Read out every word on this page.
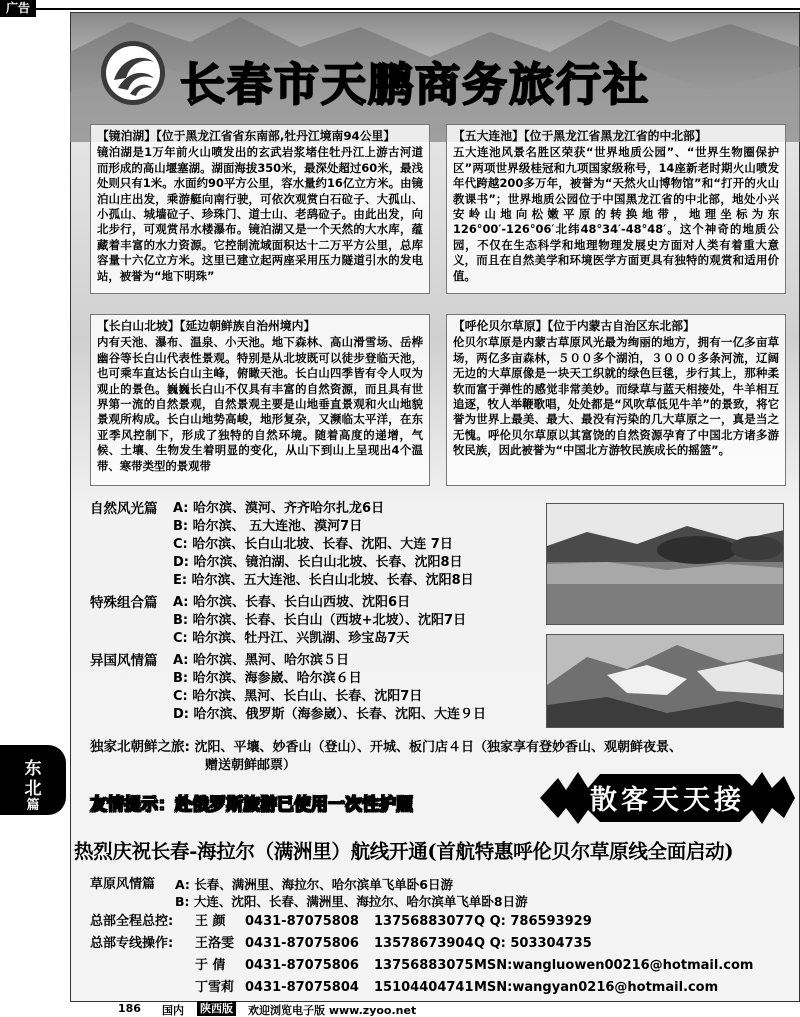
广告
长春市天鹏商务旅行社
【镜泊湖】【位于黑龙江省省东南部,牡丹江境南94公里】
镜泊湖是1万年前火山喷发出的玄武岩浆堵住牡丹江上游古河道而形成的高山堰塞湖。湖面海拔350米，最深处超过60米，最浅处则只有1米。水面约90平方公里，容水量约16亿立方米。由镜泊山庄出发，乘游艇向南行驶，可依次观赏白石砬子、大孤山、小孤山、城墙砬子、珍珠门、道士山、老鸹砬子。由此出发，向北步行，可观赏吊水楼瀑布。镜泊湖又是一个天然的大水库，蕴藏着丰富的水力资源。它控制流域面积达十二万平方公里，总库容量十六亿立方米。这里已建立起两座采用压力隧道引水的发电站，被誉为“地下明珠”
【五大连池】【位于黑龙江省黑龙江省的中北部】
五大连池风景名胜区荣获“世界地质公园”、“世界生物圈保护区”两项世界级桂冠和九项国家级称号，14座新老时期火山喷发年代跨越200多万年，被誉为“天然火山博物馆”和“打开的火山教课书”；世界地质公园位于中国黑龙江省的中北部，地处小兴安岭山地向松嫩平原的转换地带，地理坐标为东126°00′-126°06′北纬48°34′-48°48′。这个神奇的地质公园，不仅在生态科学和地理物理发展史方面对人类有着重大意义，而且在自然美学和环境医学方面更具有独特的观赏和适用价值。
【长白山北坡】【延边朝鲜族自治州境内】
内有天池、瀑布、温泉、小天池。地下森林、高山滑雪场、岳桦幽谷等长白山代表性景观。特别是从北坡既可以徒步登临天池，也可乘车直达长白山主峰，俯瞰天池。长白山四季皆有令人叹为观止的景色。巍巍长白山不仅具有丰富的自然资源，而且具有世界第一流的自然景观，自然景观主要是山地垂直景观和火山地貌景观所构成。长白山地势高峻，地形复杂，又濒临太平洋，在东亚季风控制下，形成了独特的自然环境。随着高度的递增，气候、土壤、生物发生着明显的变化，从山下到山上呈现出4个温带、寒带类型的景观带
【呼伦贝尔草原】【位于内蒙古自治区东北部】
伦贝尔草原是内蒙古草原风光最为绚丽的地方，拥有一亿多亩草场，两亿多亩森林，５００多个湖泊，３０００多条河流，辽阔无边的大草原像是一块天工织就的绿色巨毯，步行其上，那种柔软而富于弹性的感觉非常美妙。而绿草与蓝天相接处，牛羊相互追逐，牧人举鞭歌唱，处处都是“风吹草低见牛羊”的景致，将它誉为世界上最美、最大、最没有污染的几大草原之一，真是当之无愧。呼伦贝尔草原以其富饶的自然资源孕育了中国北方诸多游牧民族，因此被誉为“中国北方游牧民族成长的摇篮”。
自然风光篇 A: 哈尔滨、漠河、齐齐哈尔扎龙6日
B: 哈尔滨、 五大连池、漠河7日
C: 哈尔滨、长白山北坡、长春、沈阳、大连 7日
D: 哈尔滨、镜泊湖、长白山北坡、长春、沈阳8日
E: 哈尔滨、五大连池、长白山北坡、长春、沈阳8日
特殊组合篇 A: 哈尔滨、长春、长白山西坡、沈阳6日
B: 哈尔滨、长春、长白山（西坡+北坡）、沈阳7日
C: 哈尔滨、牡丹江、兴凯湖、珍宝岛7天
异国风情篇 A: 哈尔滨、黑河、哈尔滨５日
B: 哈尔滨、海参崴、哈尔滨６日
C: 哈尔滨、黑河、长白山、长春、沈阳7日
D: 哈尔滨、俄罗斯（海参崴）、长春、沈阳、大连９日
东
北
篇
独家北朝鲜之旅: 沈阳、平壤、妙香山（登山）、开城、板门店４日（独家享有登妙香山、观朝鲜夜景、
赠送朝鲜邮票）
友情提示：赴俄罗斯旅游已使用一次性护照	散客天天接
热烈庆祝长春-海拉尔（满洲里）航线开通(首航特惠呼伦贝尔草原线全面启动)
草原风情篇 A: 长春、满洲里、海拉尔、哈尔滨单飞单卧6日游
B: 大连、沈阳、长春、满洲里、海拉尔、哈尔滨单飞单卧8日游
总部全程总控:	王 颜	0431-87075808	13756883077 Q Q: 786593929
总部专线操作:	王洛雯 0431-87075806	13578673904 Q Q: 503304735
于 倩	0431-87075806	13756883075 MSN:wangluowen00216@hotmail.com
丁雪莉 0431-87075804	15104404741 MSN:wangyan0216@hotmail.com
186 国内 陕西版 欢迎浏览电子版 www.zyoo.net
